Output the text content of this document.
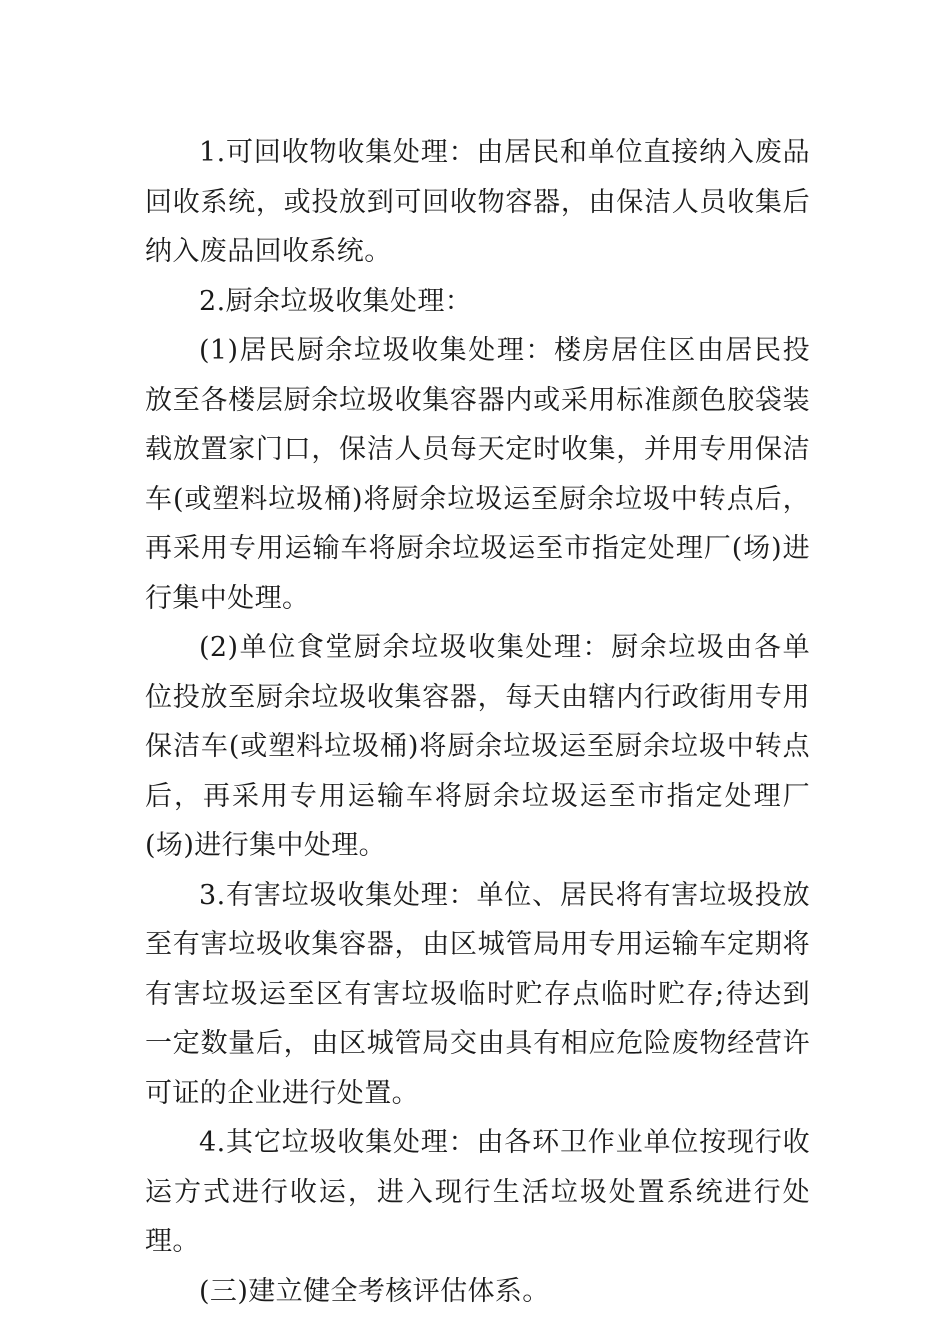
1.可回收物收集处理：由居民和单位直接纳入废品回收系统，或投放到可回收物容器，由保洁人员收集后纳入废品回收系统。

2.厨余垃圾收集处理：

(1)居民厨余垃圾收集处理：楼房居住区由居民投放至各楼层厨余垃圾收集容器内或采用标准颜色胶袋装载放置家门口，保洁人员每天定时收集，并用专用保洁车(或塑料垃圾桶)将厨余垃圾运至厨余垃圾中转点后，再采用专用运输车将厨余垃圾运至市指定处理厂(场)进行集中处理。

(2)单位食堂厨余垃圾收集处理：厨余垃圾由各单位投放至厨余垃圾收集容器，每天由辖内行政街用专用保洁车(或塑料垃圾桶)将厨余垃圾运至厨余垃圾中转点后，再采用专用运输车将厨余垃圾运至市指定处理厂(场)进行集中处理。

3.有害垃圾收集处理：单位、居民将有害垃圾投放至有害垃圾收集容器，由区城管局用专用运输车定期将有害垃圾运至区有害垃圾临时贮存点临时贮存;待达到一定数量后，由区城管局交由具有相应危险废物经营许可证的企业进行处置。

4.其它垃圾收集处理：由各环卫作业单位按现行收运方式进行收运，进入现行生活垃圾处置系统进行处理。

(三)建立健全考核评估体系。
